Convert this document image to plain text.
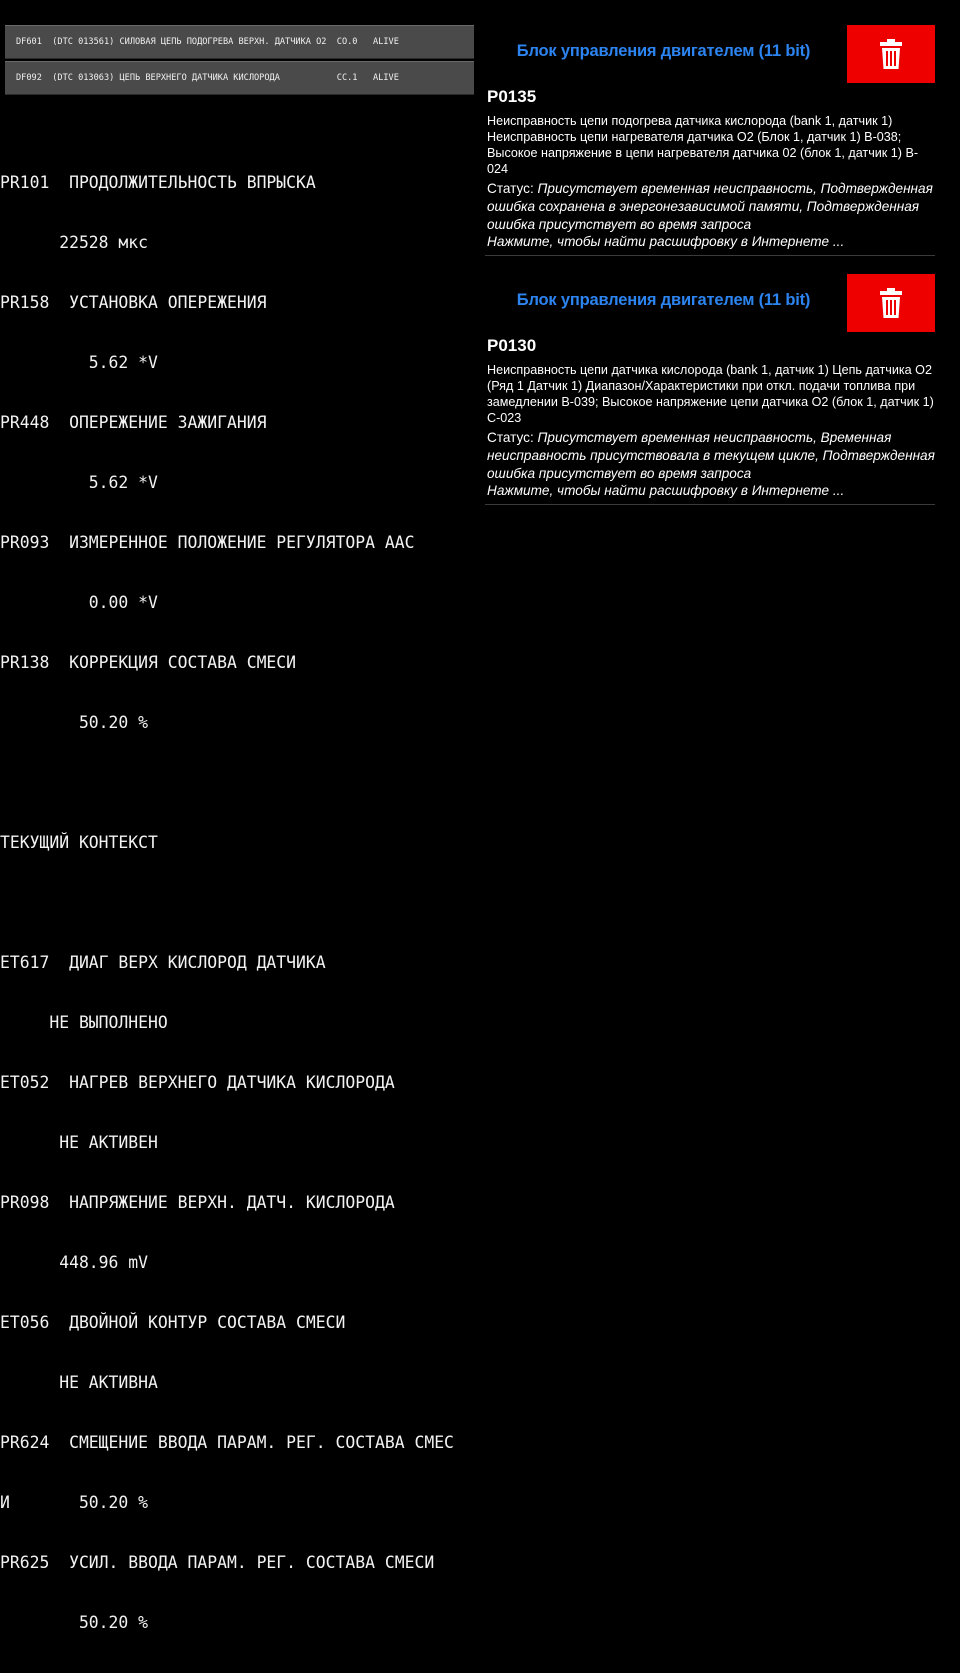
DF601  (DTC 013561) СИЛОВАЯ ЦЕПЬ ПОДОГРЕВА ВЕРХН. ДАТЧИКА O2  CO.0   ALIVE
DF092  (DTC 013063) ЦЕПЬ ВЕРХНЕГО ДАТЧИКА КИСЛОРОДА           CC.1   ALIVE

PR101  ПРОДОЛЖИТЕЛЬНОСТЬ ВПРЫСКА

22528 мкс

PR158  УСТАНОВКА ОПЕРЕЖЕНИЯ

5.62 *V

PR448  ОПЕРЕЖЕНИЕ ЗАЖИГАНИЯ

5.62 *V

PR093  ИЗМЕРЕННОЕ ПОЛОЖЕНИЕ РЕГУЛЯТОРА ААС

0.00 *V

PR138  КОРРЕКЦИЯ СОСТАВА СМЕСИ

50.20 %

ТЕКУЩИЙ КОНТЕКСТ

ET617  ДИАГ ВЕРХ КИСЛОРОД ДАТЧИКА

НЕ ВЫПОЛНЕНО

ET052  НАГРЕВ ВЕРХНЕГО ДАТЧИКА КИСЛОРОДА

НЕ АКТИВЕН

PR098  НАПРЯЖЕНИЕ ВЕРХН. ДАТЧ. КИСЛОРОДА

448.96 mV

ET056  ДВОЙНОЙ КОНТУР СОСТАВА СМЕСИ

НЕ АКТИВНА

PR624  СМЕЩЕНИЕ ВВОДА ПАРАМ. РЕГ. СОСТАВА СМЕС

И       50.20 %

PR625  УСИЛ. ВВОДА ПАРАМ. РЕГ. СОСТАВА СМЕСИ

50.20 %

Блок управления двигателем (11 bit)
P0135
Неисправность цепи подогрева датчика кислорода (bank 1, датчик 1) Неисправность цепи нагревателя датчика O2 (Блок 1, датчик 1) B-038; Высокое напряжение в цепи нагревателя датчика 02 (блок 1, датчик 1) B-024
Статус: Присутствует временная неисправность, Подтвержденная ошибка сохранена в энергонезависимой памяти, Подтвержденная ошибка присутствует во время запроса
Нажмите, чтобы найти расшифровку в Интернете ...
Блок управления двигателем (11 bit)
P0130
Неисправность цепи датчика кислорода (bank 1, датчик 1) Цепь датчика O2 (Ряд 1 Датчик 1) Диапазон/Характеристики при откл. подачи топлива при замедлении B-039; Высокое напряжение цепи датчика O2 (блок 1, датчик 1) C-023
Статус: Присутствует временная неисправность, Временная неисправность присутствовала в текущем цикле, Подтвержденная ошибка присутствует во время запроса
Нажмите, чтобы найти расшифровку в Интернете ...
